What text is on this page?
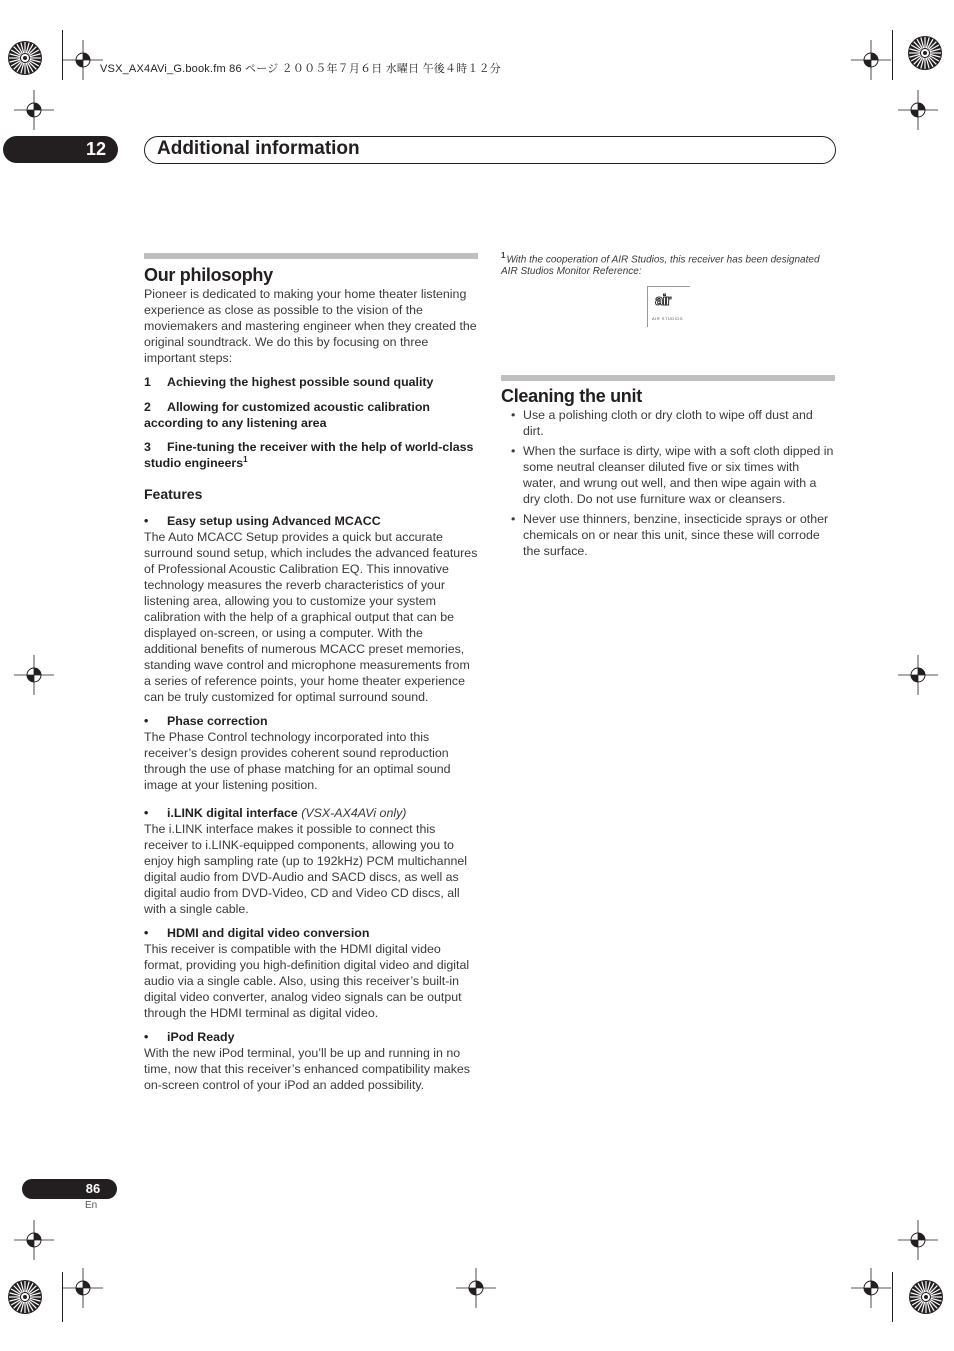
VSX_AX4AVi_G.book.fm 86 ページ ２００５年７月６日 水曜日 午後４時１２分
12	Additional information
Our philosophy
Pioneer is dedicated to making your home theater listening experience as close as possible to the vision of the moviemakers and mastering engineer when they created the original soundtrack. We do this by focusing on three important steps:
1 Achieving the highest possible sound quality
2 Allowing for customized acoustic calibration according to any listening area
3 Fine-tuning the receiver with the help of world-class studio engineers$^1$
Features
• Easy setup using Advanced MCACC
The Auto MCACC Setup provides a quick but accurate surround sound setup, which includes the advanced features of Professional Acoustic Calibration EQ. This innovative technology measures the reverb characteristics of your listening area, allowing you to customize your system calibration with the help of a graphical output that can be displayed on-screen, or using a computer. With the additional benefits of numerous MCACC preset memories, standing wave control and microphone measurements from a series of reference points, your home theater experience can be truly customized for optimal surround sound.
• Phase correction
The Phase Control technology incorporated into this receiver’s design provides coherent sound reproduction through the use of phase matching for an optimal sound image at your listening position.
• i.LINK digital interface (VSX-AX4AVi only)
The i.LINK interface makes it possible to connect this receiver to i.LINK-equipped components, allowing you to enjoy high sampling rate (up to 192kHz) PCM multichannel digital audio from DVD-Audio and SACD discs, as well as digital audio from DVD-Video, CD and Video CD discs, all with a single cable.
• HDMI and digital video conversion
This receiver is compatible with the HDMI digital video format, providing you high-definition digital video and digital audio via a single cable. Also, using this receiver’s built-in digital video converter, analog video signals can be output through the HDMI terminal as digital video.
• iPod Ready
With the new iPod terminal, you’ll be up and running in no time, now that this receiver’s enhanced compatibility makes on-screen control of your iPod an added possibility.
$^1$With the cooperation of AIR Studios, this receiver has been designated AIR Studios Monitor Reference:
air
AIR STUDIOS
Cleaning the unit
• Use a polishing cloth or dry cloth to wipe off dust and dirt.
• When the surface is dirty, wipe with a soft cloth dipped in some neutral cleanser diluted five or six times with water, and wrung out well, and then wipe again with a dry cloth. Do not use furniture wax or cleansers.
• Never use thinners, benzine, insecticide sprays or other chemicals on or near this unit, since these will corrode the surface.
86
En
